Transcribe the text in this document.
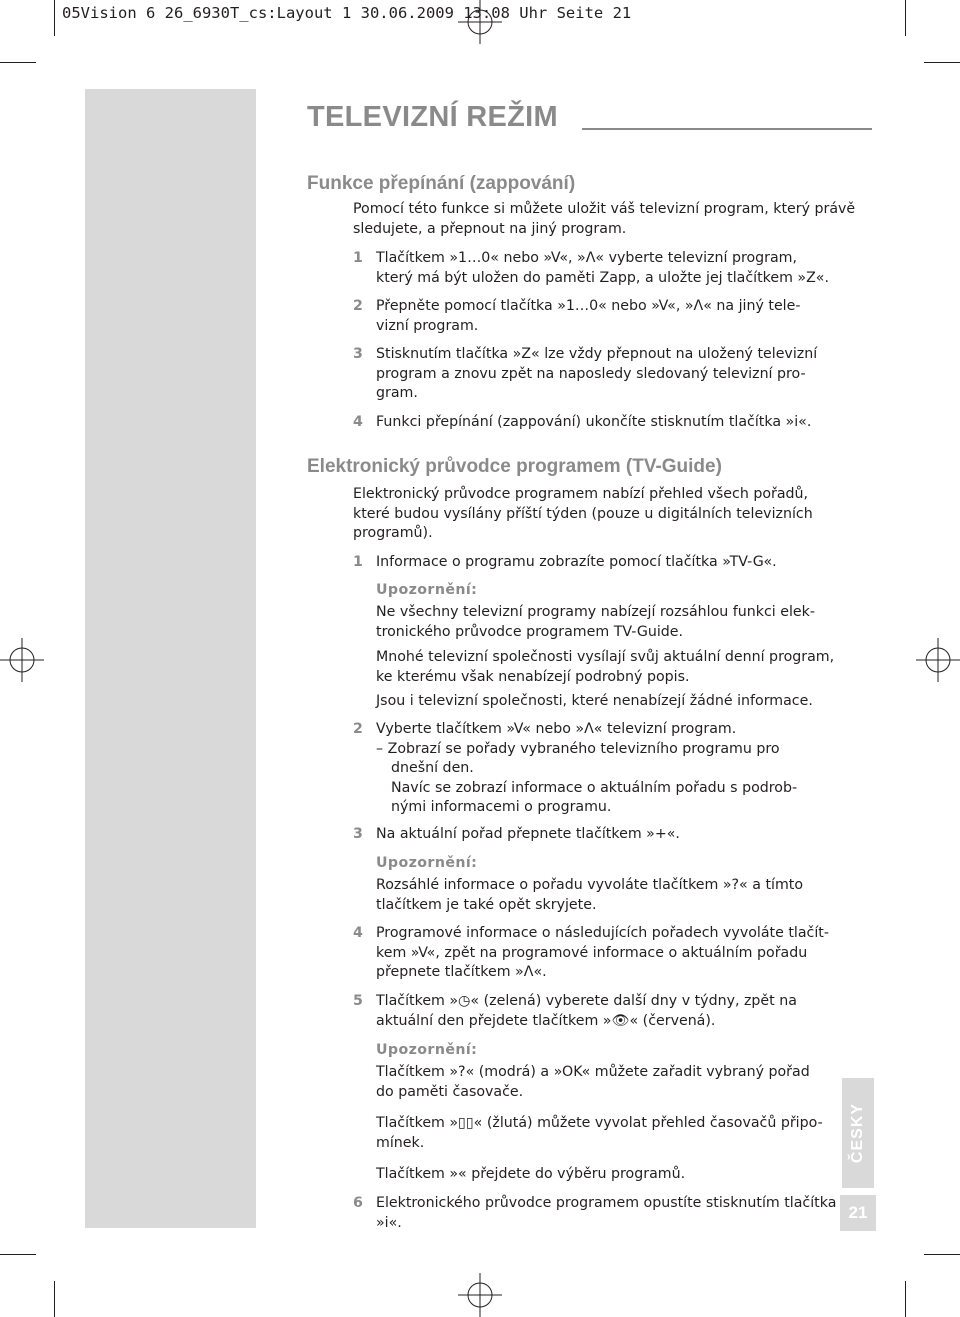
05Vision 6 26_6930T_cs:Layout 1 30.06.2009 13:08 Uhr Seite 21
ČESKY
21
TELEVIZNÍ REŽIM
Funkce přepínání (zappování)
Pomocí této funkce si můžete uložit váš televizní program, který právě
sledujete, a přepnout na jiný program.
1 Tlačítkem »1…0« nebo »V«, »Λ« vyberte televizní program,
který má být uložen do paměti Zapp, a uložte jej tlačítkem »Z«.
2 Přepněte pomocí tlačítka »1…0« nebo »V«, »Λ« na jiný tele-
vizní program.
3 Stisknutím tlačítka »Z« lze vždy přepnout na uložený televizní
program a znovu zpět na naposledy sledovaný televizní pro-
gram.
4 Funkci přepínání (zappování) ukončíte stisknutím tlačítka »i«.
Elektronický průvodce programem (TV-Guide)
Elektronický průvodce programem nabízí přehled všech pořadů,
které budou vysílány příští týden (pouze u digitálních televizních
programů).
1 Informace o programu zobrazíte pomocí tlačítka »TV-G«.
Upozornění:
Ne všechny televizní programy nabízejí rozsáhlou funkci elek-
tronického průvodce programem TV-Guide.
Mnohé televizní společnosti vysílají svůj aktuální denní program,
ke kterému však nenabízejí podrobný popis.
Jsou i televizní společnosti, které nenabízejí žádné informace.
2 Vyberte tlačítkem »V« nebo »Λ« televizní program.
– Zobrazí se pořady vybraného televizního programu pro
dnešní den.
Navíc se zobrazí informace o aktuálním pořadu s podrob-
nými informacemi o programu.
3 Na aktuální pořad přepnete tlačítkem »+«.
Upozornění:
Rozsáhlé informace o pořadu vyvoláte tlačítkem »?« a tímto
tlačítkem je také opět skryjete.
4 Programové informace o následujících pořadech vyvoláte tlačít-
kem »V«, zpět na programové informace o aktuálním pořadu
přepnete tlačítkem »Λ«.
5 Tlačítkem »◷« (zelená) vyberete další dny v týdny, zpět na
aktuální den přejdete tlačítkem »👁« (červená).
Upozornění:
Tlačítkem »?« (modrá) a »OK« můžete zařadit vybraný pořad
do paměti časovače.
Tlačítkem »▯▯« (žlutá) můžete vyvolat přehled časovačů připo-
mínek.
Tlačítkem »« přejdete do výběru programů.
6 Elektronického průvodce programem opustíte stisknutím tlačítka
»i«.
